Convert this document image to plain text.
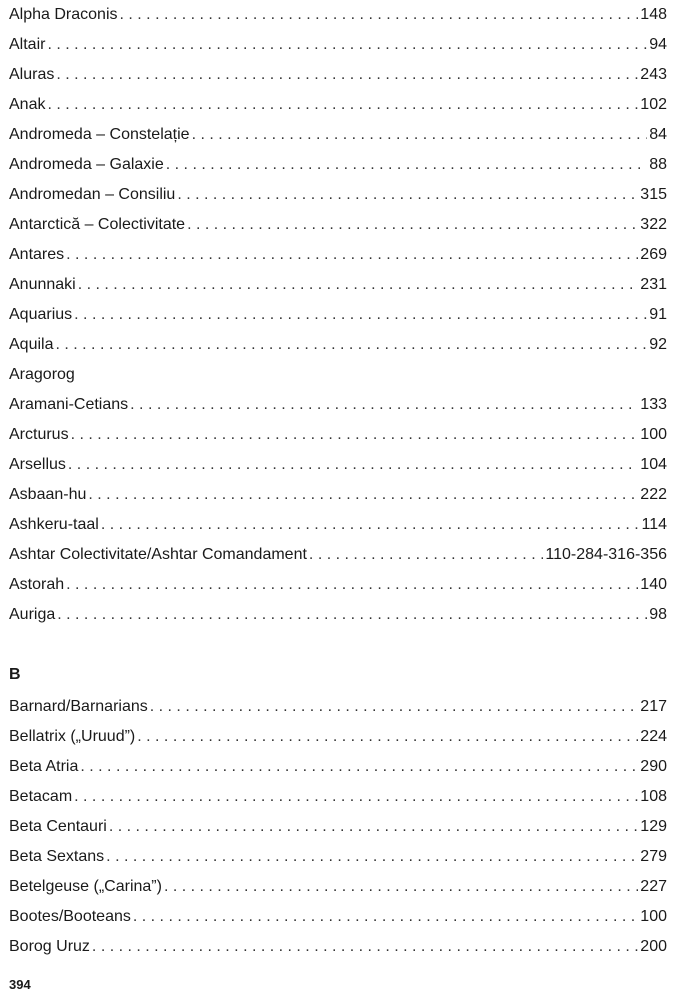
Alpha Draconis . . .	148
Altair . . .	94
Aluras . . .	243
Anak . . .	102
Andromeda – Constelație . . .	84
Andromeda – Galaxie . . .	88
Andromedan – Consiliu . . .	315
Antarctică – Colectivitate . . .	322
Antares . . .	269
Anunnaki . . .	231
Aquarius . . .	91
Aquila . . .	92
Aragorog
Aramani-Cetians . . .	133
Arcturus . . .	100
Arsellus . . .	104
Asbaan-hu . . .	222
Ashkeru-taal . . .	114
Ashtar Colectivitate/Ashtar Comandament . . .	110-284-316-356
Astorah . . .	140
Auriga . . .	98
B
Barnard/Barnarians . . .	217
Bellatrix („Uruud”) . . .	224
Beta Atria . . .	290
Betacam . . .	108
Beta Centauri . . .	129
Beta Sextans . . .	279
Betelgeuse („Carina”) . . .	227
Bootes/Booteans . . .	100
Borog Uruz . . .	200
394
